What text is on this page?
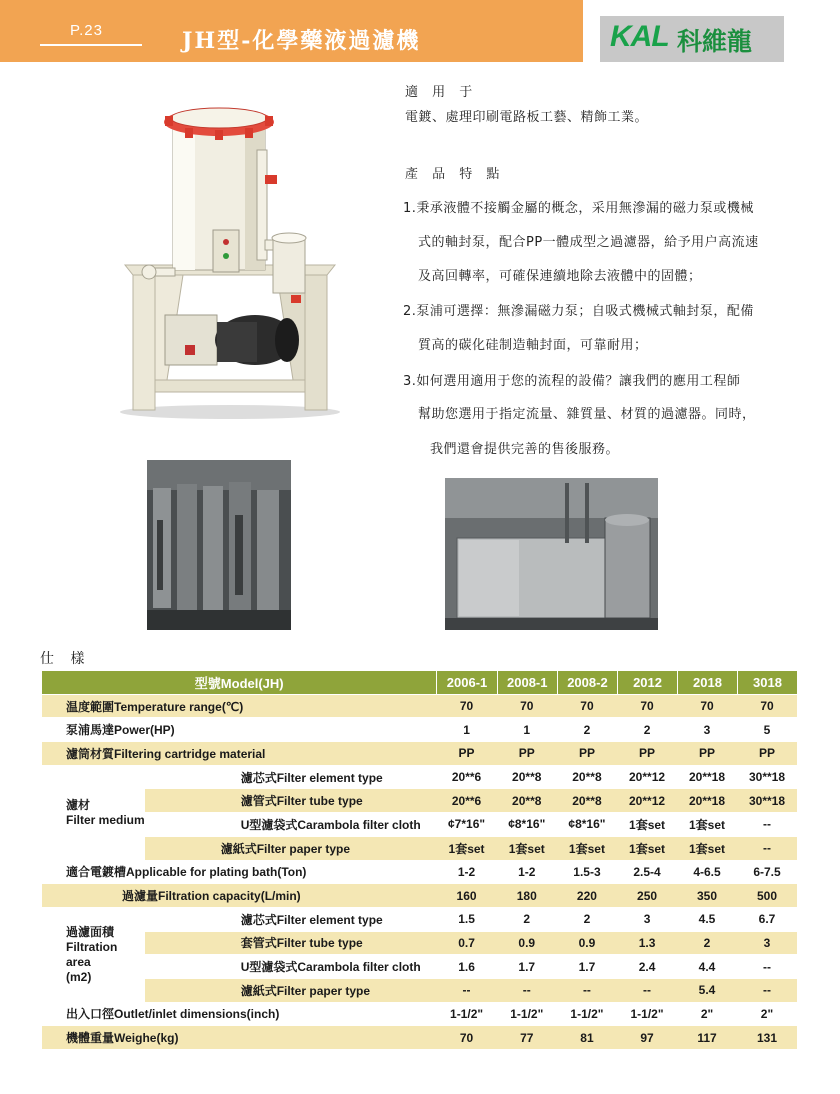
P.23	JH型-化學藥液過濾機	KAL 科維龍
適 用 于
電鍍、處理印刷電路板工藝、精飾工業。
產 品 特 點
1.秉承液體不接觸金屬的概念，采用無滲漏的磁力泵或機械
式的軸封泵，配合PP一體成型之過濾器，給予用户高流速
及高回轉率，可確保連續地除去液體中的固體；
2.泵浦可選擇：無滲漏磁力泵；自吸式機械式軸封泵，配備
質高的碳化硅制造軸封面，可靠耐用；
3.如何選用適用于您的流程的設備？讓我們的應用工程師
幫助您選用于指定流量、雜質量、材質的過濾器。同時，
我們還會提供完善的售後服務。
仕 樣
型號Model(JH)		2006-1	2008-1	2008-2	2012	2018	3018
温度範圍Temperature range(℃)		70	70	70	70	70	70
泵浦馬達Power(HP)		1	1	2	2	3	5
濾筒材質Filtering cartridge material		PP	PP	PP	PP	PP	PP

濾材
Filter medium	濾芯式Filter element type	20**6	20**8	20**8	20**12	20**18	30**18
	濾管式Filter tube type	20**6	20**8	20**8	20**12	20**18	30**18
	U型濾袋式Carambola filter cloth	¢7*16"	¢8*16"	¢8*16"	1套set	1套set	--
	濾紙式Filter paper type	1套set	1套set	1套set	1套set	1套set	--
適合電鍍槽Applicable for plating bath(Ton)		1-2	1-2	1.5-3	2.5-4	4-6.5	6-7.5
過濾量Filtration capacity(L/min)		160	180	220	250	350	500

過濾面積
Filtration
area
(m2)	濾芯式Filter element type	1.5	2	2	3	4.5	6.7
	套管式Filter tube type	0.7	0.9	0.9	1.3	2	3
	U型濾袋式Carambola filter cloth	1.6	1.7	1.7	2.4	4.4	--
	濾紙式Filter paper type	--	--	--	--	5.4	--
出入口徑Outlet/inlet dimensions(inch)		1-1/2"	1-1/2"	1-1/2"	1-1/2"	2"	2"
機體重量Weighe(kg)		70	77	81	97	117	131
